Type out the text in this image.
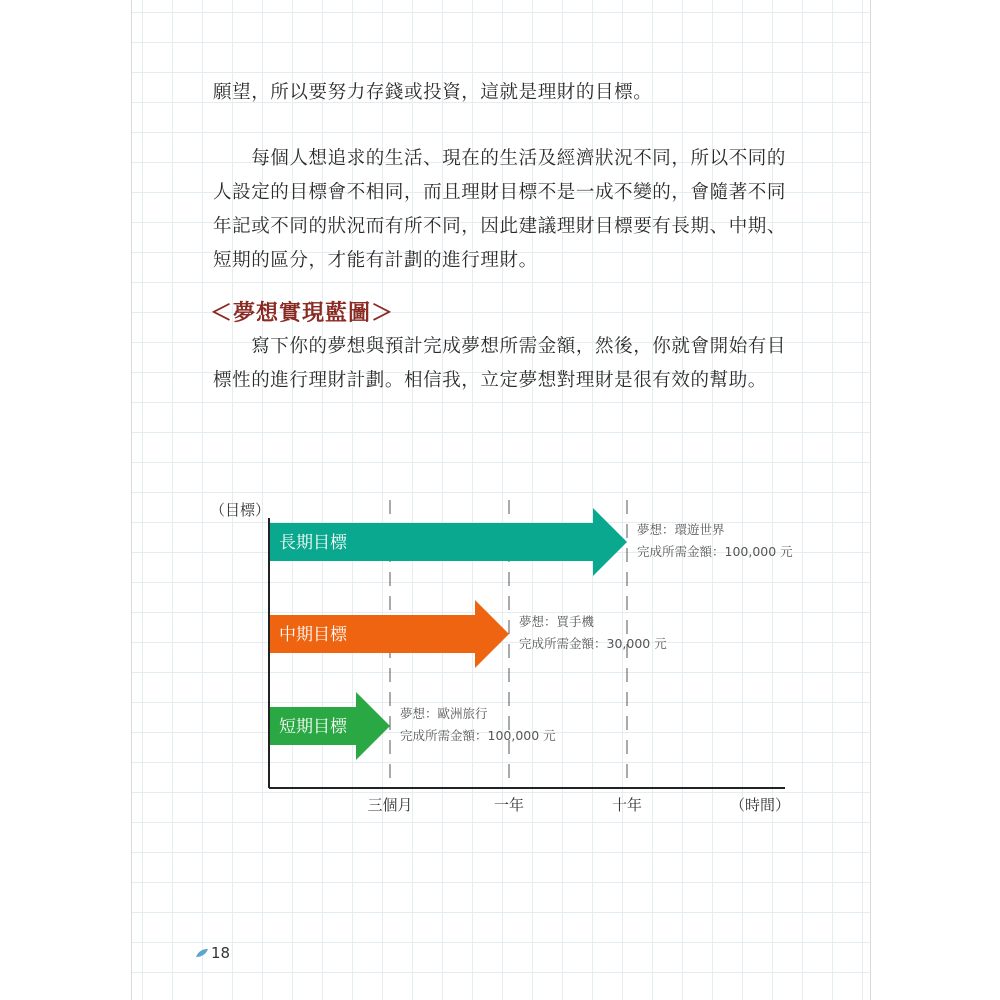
願望，所以要努力存錢或投資，這就是理財的目標。

　　每個人想追求的生活、現在的生活及經濟狀況不同，所以不同的人設定的目標會不相同，而且理財目標不是一成不變的，會隨著不同年記或不同的狀況而有所不同，因此建議理財目標要有長期、中期、短期的區分，才能有計劃的進行理財。

＜夢想實現藍圖＞

　　寫下你的夢想與預計完成夢想所需金額，然後，你就會開始有目標性的進行理財計劃。相信我，立定夢想對理財是很有效的幫助。

長期目標
中期目標
短期目標
（目標）
（時間）
三個月	一年	十年
夢想：環遊世界
完成所需金額：100,000 元
夢想：買手機
完成所需金額：30,000 元
夢想：歐洲旅行
完成所需金額：100,000 元
18
